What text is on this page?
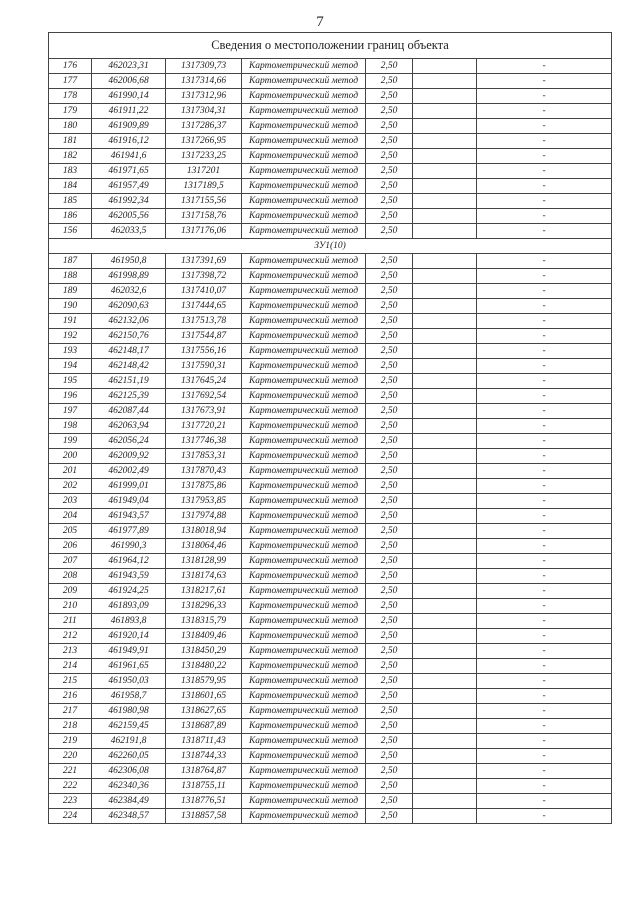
7
Сведения о местоположении границ объекта						
176	462023,31	1317309,73	Картометрический метод	2,50		-
177	462006,68	1317314,66	Картометрический метод	2,50		-
178	461990,14	1317312,96	Картометрический метод	2,50		-
179	461911,22	1317304,31	Картометрический метод	2,50		-
180	461909,89	1317286,37	Картометрический метод	2,50		-
181	461916,12	1317266,95	Картометрический метод	2,50		-
182	461941,6	1317233,25	Картометрический метод	2,50		-
183	461971,65	1317201	Картометрический метод	2,50		-
184	461957,49	1317189,5	Картометрический метод	2,50		-
185	461992,34	1317155,56	Картометрический метод	2,50		-
186	462005,56	1317158,76	Картометрический метод	2,50		-
156	462033,5	1317176,06	Картометрический метод	2,50		-
ЗУ1(10)						
187	461950,8	1317391,69	Картометрический метод	2,50		-
188	461998,89	1317398,72	Картометрический метод	2,50		-
189	462032,6	1317410,07	Картометрический метод	2,50		-
190	462090,63	1317444,65	Картометрический метод	2,50		-
191	462132,06	1317513,78	Картометрический метод	2,50		-
192	462150,76	1317544,87	Картометрический метод	2,50		-
193	462148,17	1317556,16	Картометрический метод	2,50		-
194	462148,42	1317590,31	Картометрический метод	2,50		-
195	462151,19	1317645,24	Картометрический метод	2,50		-
196	462125,39	1317692,54	Картометрический метод	2,50		-
197	462087,44	1317673,91	Картометрический метод	2,50		-
198	462063,94	1317720,21	Картометрический метод	2,50		-
199	462056,24	1317746,38	Картометрический метод	2,50		-
200	462009,92	1317853,31	Картометрический метод	2,50		-
201	462002,49	1317870,43	Картометрический метод	2,50		-
202	461999,01	1317875,86	Картометрический метод	2,50		-
203	461949,04	1317953,85	Картометрический метод	2,50		-
204	461943,57	1317974,88	Картометрический метод	2,50		-
205	461977,89	1318018,94	Картометрический метод	2,50		-
206	461990,3	1318064,46	Картометрический метод	2,50		-
207	461964,12	1318128,99	Картометрический метод	2,50		-
208	461943,59	1318174,63	Картометрический метод	2,50		-
209	461924,25	1318217,61	Картометрический метод	2,50		-
210	461893,09	1318296,33	Картометрический метод	2,50		-
211	461893,8	1318315,79	Картометрический метод	2,50		-
212	461920,14	1318409,46	Картометрический метод	2,50		-
213	461949,91	1318450,29	Картометрический метод	2,50		-
214	461961,65	1318480,22	Картометрический метод	2,50		-
215	461950,03	1318579,95	Картометрический метод	2,50		-
216	461958,7	1318601,65	Картометрический метод	2,50		-
217	461980,98	1318627,65	Картометрический метод	2,50		-
218	462159,45	1318687,89	Картометрический метод	2,50		-
219	462191,8	1318711,43	Картометрический метод	2,50		-
220	462260,05	1318744,33	Картометрический метод	2,50		-
221	462306,08	1318764,87	Картометрический метод	2,50		-
222	462340,36	1318755,11	Картометрический метод	2,50		-
223	462384,49	1318776,51	Картометрический метод	2,50		-
224	462348,57	1318857,58	Картометрический метод	2,50		-
